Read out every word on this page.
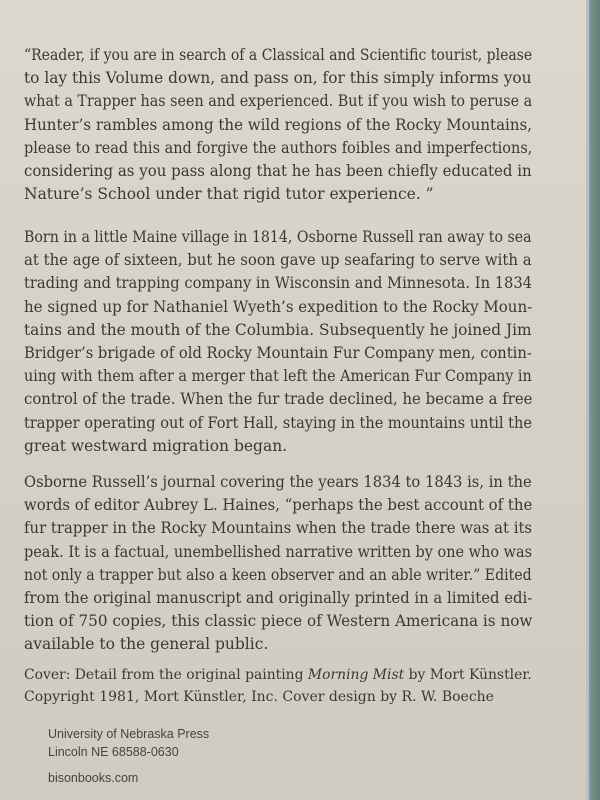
“Reader, if you are in search of a Classical and Scientific tourist, please
to lay this Volume down, and pass on, for this simply informs you
what a Trapper has seen and experienced. But if you wish to peruse a
Hunter’s rambles among the wild regions of the Rocky Mountains,
please to read this and forgive the authors foibles and imperfections,
considering as you pass along that he has been chiefly educated in
Nature’s School under that rigid tutor experience. ”
Born in a little Maine village in 1814, Osborne Russell ran away to sea
at the age of sixteen, but he soon gave up seafaring to serve with a
trading and trapping company in Wisconsin and Minnesota. In 1834
he signed up for Nathaniel Wyeth’s expedition to the Rocky Moun-
tains and the mouth of the Columbia. Subsequently he joined Jim
Bridger’s brigade of old Rocky Mountain Fur Company men, contin-
uing with them after a merger that left the American Fur Company in
control of the trade. When the fur trade declined, he became a free
trapper operating out of Fort Hall, staying in the mountains until the
great westward migration began.
Osborne Russell’s journal covering the years 1834 to 1843 is, in the
words of editor Aubrey L. Haines, “perhaps the best account of the
fur trapper in the Rocky Mountains when the trade there was at its
peak. It is a factual, unembellished narrative written by one who was
not only a trapper but also a keen observer and an able writer.” Edited
from the original manuscript and originally printed in a limited edi-
tion of 750 copies, this classic piece of Western Americana is now
available to the general public.
Cover: Detail from the original painting Morning Mist by Mort Künstler.
Copyright 1981, Mort Künstler, Inc. Cover design by R. W. Boeche
University of Nebraska Press
Lincoln NE 68588-0630
bisonbooks.com
